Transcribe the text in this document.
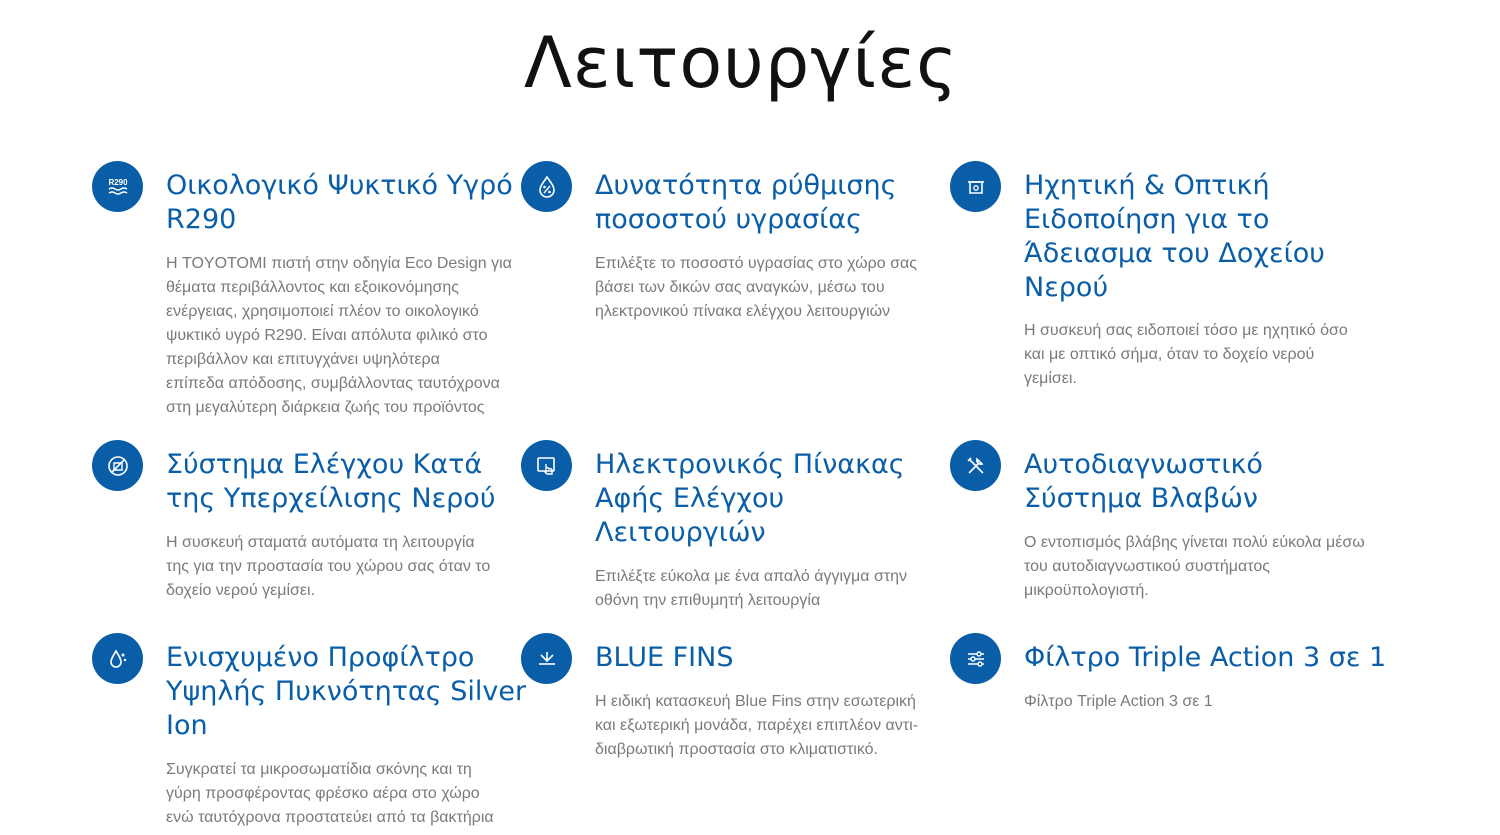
Λειτουργίες
R290 Οικολογικό Ψυκτικό Υγρό
R290
Η TOYOTOMI πιστή στην οδηγία Eco Design για
θέματα περιβάλλοντος και εξοικονόμησης
ενέργειας, χρησιμοποιεί πλέον το οικολογικό
ψυκτικό υγρό R290. Είναι απόλυτα φιλικό στο
περιβάλλον και επιτυγχάνει υψηλότερα
επίπεδα απόδοσης, συμβάλλοντας ταυτόχρονα
στη μεγαλύτερη διάρκεια ζωής του προϊόντος
Δυνατότητα ρύθμισης
ποσοστού υγρασίας
Επιλέξτε το ποσοστό υγρασίας στο χώρο σας
βάσει των δικών σας αναγκών, μέσω του
ηλεκτρονικού πίνακα ελέγχου λειτουργιών
Ηχητική & Οπτική
Ειδοποίηση για το
Άδειασμα του Δοχείου
Νερού
Η συσκευή σας ειδοποιεί τόσο με ηχητικό όσο
και με οπτικό σήμα, όταν το δοχείο νερού
γεμίσει.
Σύστημα Ελέγχου Κατά
της Υπερχείλισης Νερού
Η συσκευή σταματά αυτόματα τη λειτουργία
της για την προστασία του χώρου σας όταν το
δοχείο νερού γεμίσει.
Ηλεκτρονικός Πίνακας
Αφής Ελέγχου
Λειτουργιών
Επιλέξτε εύκολα με ένα απαλό άγγιγμα στην
οθόνη την επιθυμητή λειτουργία
Αυτοδιαγνωστικό
Σύστημα Βλαβών
Ο εντοπισμός βλάβης γίνεται πολύ εύκολα μέσω
του αυτοδιαγνωστικού συστήματος
μικροϋπολογιστή.
Ενισχυμένο Προφίλτρο
Υψηλής Πυκνότητας Silver
Ion
Συγκρατεί τα μικροσωματίδια σκόνης και τη
γύρη προσφέροντας φρέσκο αέρα στο χώρο
ενώ ταυτόχρονα προστατεύει από τα βακτήρια
BLUE FINS
Η ειδική κατασκευή Blue Fins στην εσωτερική
και εξωτερική μονάδα, παρέχει επιπλέον αντι-
διαβρωτική προστασία στο κλιματιστικό.
Φίλτρο Triple Action 3 σε 1
Φίλτρο Triple Action 3 σε 1
